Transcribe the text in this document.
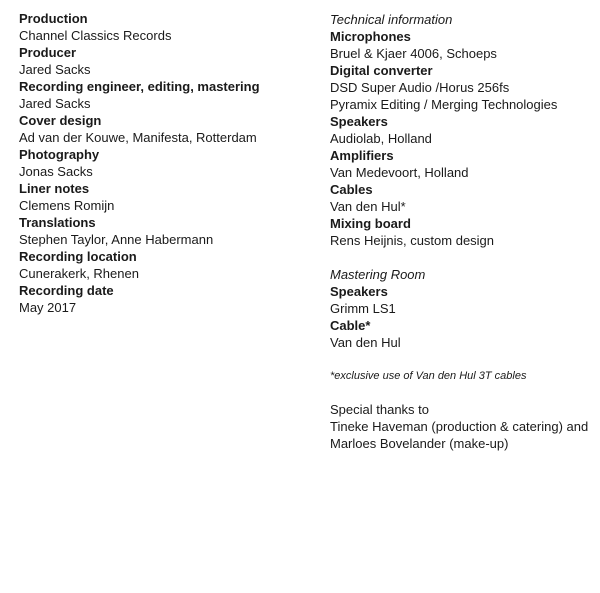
Production
Channel Classics Records
Producer
Jared Sacks
Recording engineer, editing, mastering
Jared Sacks
Cover design
Ad van der Kouwe, Manifesta, Rotterdam
Photography
Jonas Sacks
Liner notes
Clemens Romijn
Translations
Stephen Taylor, Anne Habermann
Recording location
Cunerakerk, Rhenen
Recording date
May 2017
Technical information
Microphones
Bruel & Kjaer 4006, Schoeps
Digital converter
DSD Super Audio /Horus 256fs
Pyramix Editing / Merging Technologies
Speakers
Audiolab, Holland
Amplifiers
Van Medevoort, Holland
Cables
Van den Hul*
Mixing board
Rens Heijnis, custom design
Mastering Room
Speakers
Grimm LS1
Cable*
Van den Hul
*exclusive use of Van den Hul 3T cables
Special thanks to
Tineke Haveman (production & catering) and
Marloes Bovelander (make-up)
